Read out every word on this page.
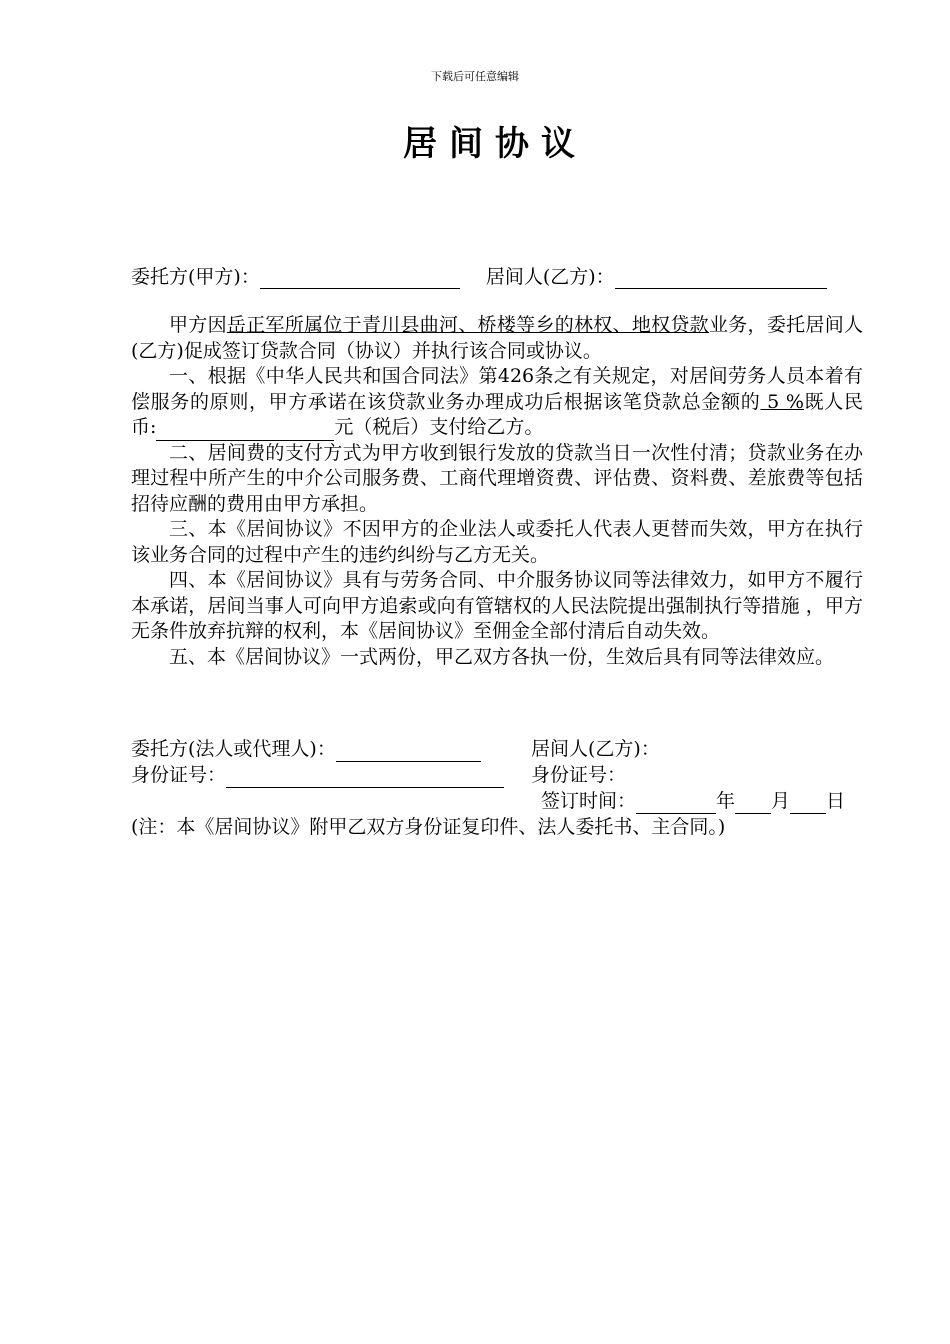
下载后可任意编辑
居间协议
委托方(甲方)：	居间人(乙方)：

甲方因岳正军所属位于青川县曲河、桥楼等乡的林权、地权贷款业务，委托居间人(乙方)促成签订贷款合同（协议）并执行该合同或协议。

一、根据《中华人民共和国合同法》第426条之有关规定，对居间劳务人员本着有偿服务的原则，甲方承诺在该贷款业务办理成功后根据该笔贷款总金额的 5 %既人民币:	元（税后）支付给乙方。

二、居间费的支付方式为甲方收到银行发放的贷款当日一次性付清；贷款业务在办理过程中所产生的中介公司服务费、工商代理增资费、评估费、资料费、差旅费等包括招待应酬的费用由甲方承担。

三、本《居间协议》不因甲方的企业法人或委托人代表人更替而失效，甲方在执行该业务合同的过程中产生的违约纠纷与乙方无关。

四、本《居间协议》具有与劳务合同、中介服务协议同等法律效力，如甲方不履行本承诺，居间当事人可向甲方追索或向有管辖权的人民法院提出强制执行等措施 ，甲方无条件放弃抗辩的权利，本《居间协议》至佣金全部付清后自动失效。

五、本《居间协议》一式两份，甲乙双方各执一份，生效后具有同等法律效应。

委托方(法人或代理人)：	居间人(乙方)：
身份证号：	身份证号：
签订时间：	年 月 日
(注：本《居间协议》附甲乙双方身份证复印件、法人委托书、主合同。)
